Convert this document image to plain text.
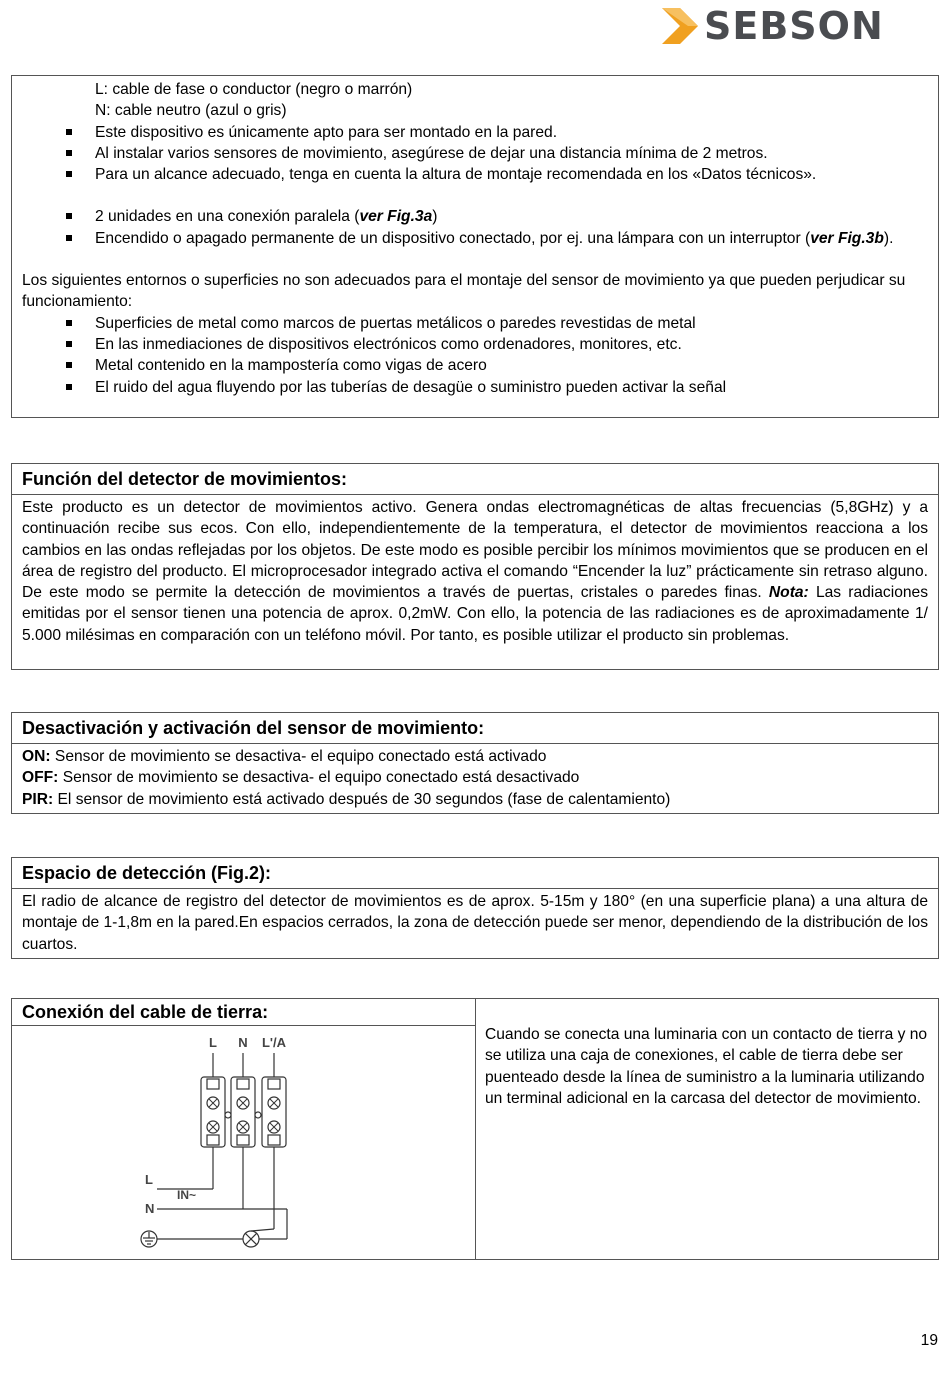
SEBSON

L: cable de fase o conductor (negro o marrón)

N: cable neutro (azul o gris)

Este dispositivo es únicamente apto para ser montado en la pared.
Al instalar varios sensores de movimiento, asegúrese de dejar una distancia mínima de 2 metros.
Para un alcance adecuado, tenga en cuenta la altura de montaje recomendada en los «Datos técnicos».
2 unidades en una conexión paralela (ver Fig.3a)
Encendido o apagado permanente de un dispositivo conectado, por ej. una lámpara con un interruptor (ver Fig.3b).

Los siguientes entornos o superficies no son adecuados para el montaje del sensor de movimiento ya que pueden perjudicar su funcionamiento:

Superficies de metal como marcos de puertas metálicos o paredes revestidas de metal
En las inmediaciones de dispositivos electrónicos como ordenadores, monitores, etc.
Metal contenido en la mampostería como vigas de acero
El ruido del agua fluyendo por las tuberías de desagüe o suministro pueden activar la señal
Función del detector de movimientos:

Este producto es un detector de movimientos activo. Genera ondas electromagnéticas de altas frecuencias (5,8GHz) y a continuación recibe sus ecos. Con ello, independientemente de la temperatura, el detector de movimientos reacciona a los cambios en las ondas reflejadas por los objetos. De este modo es posible percibir los mínimos movimientos que se producen en el área de registro del producto. El microprocesador integrado activa el comando “Encender la luz” prácticamente sin retraso alguno. De este modo se permite la detección de movimientos a través de puertas, cristales o paredes finas. Nota: Las radiaciones emitidas por el sensor tienen una potencia de aprox. 0,2mW. Con ello, la potencia de las radiaciones es de aproximadamente 1/ 5.000 milésimas en comparación con un teléfono móvil. Por tanto, es posible utilizar el producto sin problemas.

Desactivación y activación del sensor de movimiento:

ON: Sensor de movimiento se desactiva- el equipo conectado está activado

OFF: Sensor de movimiento se desactiva- el equipo conectado está desactivado

PIR: El sensor de movimiento está activado después de 30 segundos (fase de calentamiento)

Espacio de detección (Fig.2):

El radio de alcance de registro del detector de movimientos es de aprox. 5-15m y 180° (en una superficie plana) a una altura de montaje de 1-1,8m en la pared.En espacios cerrados, la zona de detección puede ser menor, dependiendo de la distribución de los cuartos.

Conexión del cable de tierra:
Cuando se conecta una luminaria con un contacto de tierra y no se utiliza una caja de conexiones, el cable de tierra debe ser puenteado desde la línea de suministro a la luminaria utilizando un terminal adicional en la carcasa del detector de movimiento.
L N L'/A
L
N
IN~
19
